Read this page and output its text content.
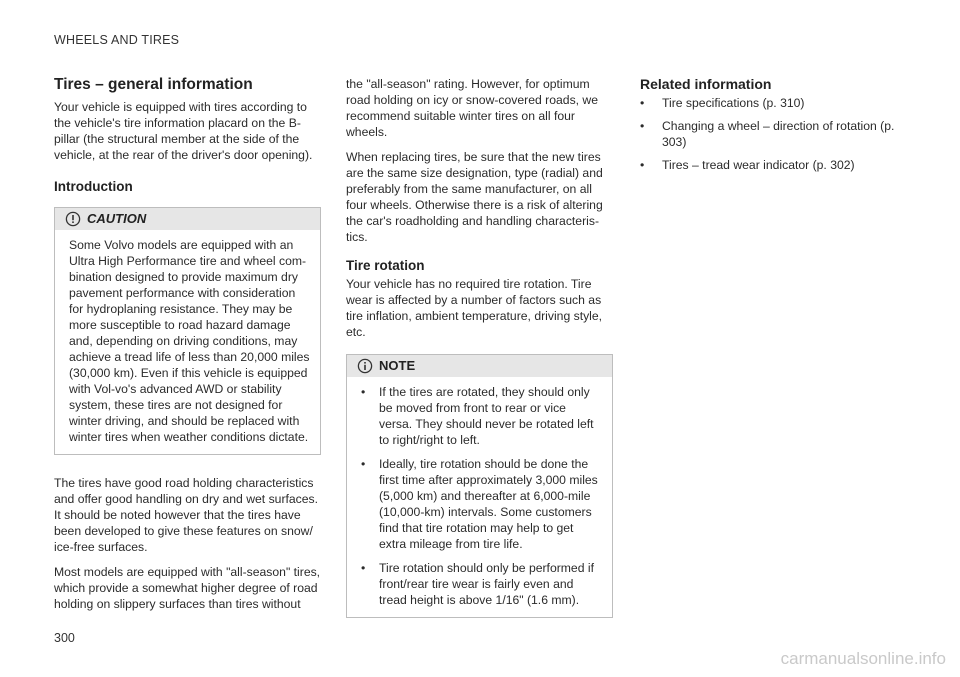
WHEELS AND TIRES
Tires – general information

Your vehicle is equipped with tires according to the vehicle's tire information placard on the B-pillar (the structural member at the side of the vehicle, at the rear of the driver's door opening).

Introduction
CAUTION

Some Volvo models are equipped with an Ultra High Performance tire and wheel com-bination designed to provide maximum dry pavement performance with consideration for hydroplaning resistance. They may be more susceptible to road hazard damage and, depending on driving conditions, may achieve a tread life of less than 20,000 miles (30,000 km). Even if this vehicle is equipped with Vol-vo's advanced AWD or stability system, these tires are not designed for winter driving, and should be replaced with winter tires when weather conditions dictate.

The tires have good road holding characteristics and offer good handling on dry and wet surfaces. It should be noted however that the tires have been developed to give these features on snow/ ice-free surfaces.

Most models are equipped with "all-season" tires, which provide a somewhat higher degree of road holding on slippery surfaces than tires without

the "all-season" rating. However, for optimum road holding on icy or snow-covered roads, we recommend suitable winter tires on all four wheels.

When replacing tires, be sure that the new tires are the same size designation, type (radial) and preferably from the same manufacturer, on all four wheels. Otherwise there is a risk of altering the car's roadholding and handling characteris-tics.

Tire rotation

Your vehicle has no required tire rotation. Tire wear is affected by a number of factors such as tire inflation, ambient temperature, driving style, etc.

NOTE
• If the tires are rotated, they should only be moved from front to rear or vice versa. They should never be rotated left to right/right to left.
• Ideally, tire rotation should be done the first time after approximately 3,000 miles (5,000 km) and thereafter at 6,000-mile (10,000-km) intervals. Some customers find that tire rotation may help to get extra mileage from tire life.
• Tire rotation should only be performed if front/rear tire wear is fairly even and tread height is above 1/16" (1.6 mm).
Related information
• Tire specifications (p. 310)
• Changing a wheel – direction of rotation (p. 303)
• Tires – tread wear indicator (p. 302)
300
carmanualsonline.info
